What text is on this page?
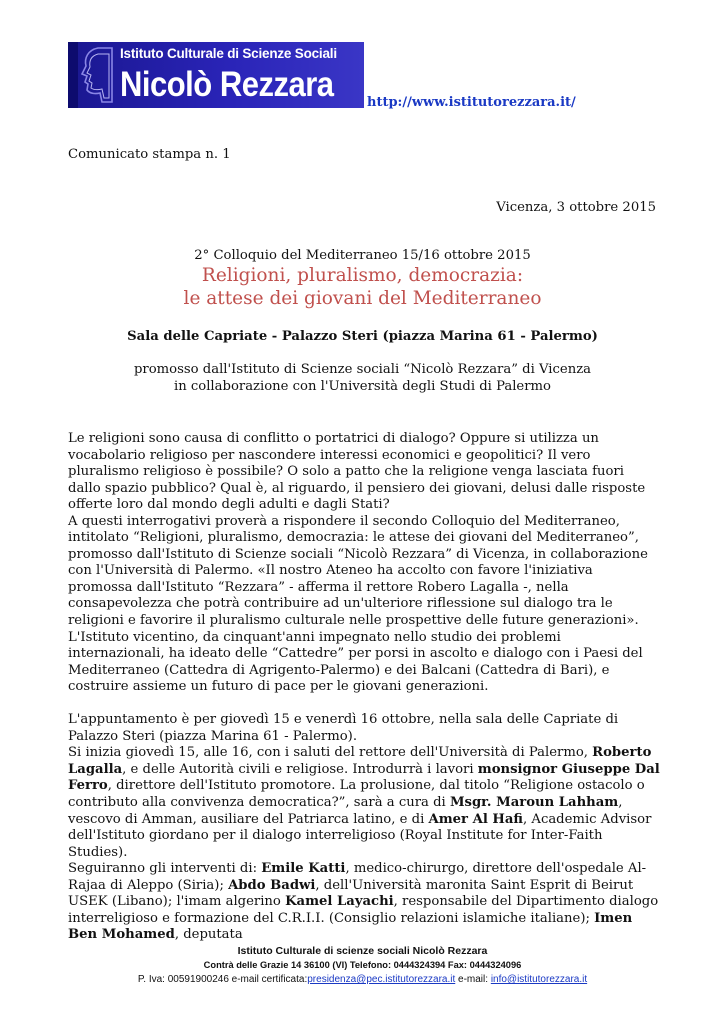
Istituto Culturale di Scienze Sociali
Nicolò Rezzara	http://www.istitutorezzara.it/
Comunicato stampa n. 1
Vicenza, 3 ottobre 2015
2° Colloquio del Mediterraneo 15/16 ottobre 2015
Religioni, pluralismo, democrazia:
le attese dei giovani del Mediterraneo
Sala delle Capriate - Palazzo Steri (piazza Marina 61 - Palermo)
promosso dall'Istituto di Scienze sociali “Nicolò Rezzara” di Vicenza
in collaborazione con l'Università degli Studi di Palermo

Le religioni sono causa di conflitto o portatrici di dialogo? Oppure si utilizza un vocabolario religioso per nascondere interessi economici e geopolitici? Il vero pluralismo religioso è possibile? O solo a patto che la religione venga lasciata fuori dallo spazio pubblico? Qual è, al riguardo, il pensiero dei giovani, delusi dalle risposte offerte loro dal mondo degli adulti e dagli Stati?

A questi interrogativi proverà a rispondere il secondo Colloquio del Mediterraneo, intitolato “Religioni, pluralismo, democrazia: le attese dei giovani del Mediterraneo”, promosso dall'Istituto di Scienze sociali “Nicolò Rezzara” di Vicenza, in collaborazione con l'Università di Palermo. «Il nostro Ateneo ha accolto con favore l'iniziativa promossa dall'Istituto “Rezzara” - afferma il rettore Robero Lagalla -, nella consapevolezza che potrà contribuire ad un'ulteriore riflessione sul dialogo tra le religioni e favorire il pluralismo culturale nelle prospettive delle future generazioni».

L'Istituto vicentino, da cinquant'anni impegnato nello studio dei problemi internazionali, ha ideato delle “Cattedre” per porsi in ascolto e dialogo con i Paesi del Mediterraneo (Cattedra di Agrigento-Palermo) e dei Balcani (Cattedra di Bari), e costruire assieme un futuro di pace per le giovani generazioni.

L'appuntamento è per giovedì 15 e venerdì 16 ottobre, nella sala delle Capriate di Palazzo Steri (piazza Marina 61 - Palermo).

Si inizia giovedì 15, alle 16, con i saluti del rettore dell'Università di Palermo, Roberto Lagalla, e delle Autorità civili e religiose. Introdurrà i lavori monsignor Giuseppe Dal Ferro, direttore dell'Istituto promotore. La prolusione, dal titolo “Religione ostacolo o contributo alla convivenza democratica?”, sarà a cura di Msgr. Maroun Lahham, vescovo di Amman, ausiliare del Patriarca latino, e di Amer Al Hafi, Academic Advisor dell'Istituto giordano per il dialogo interreligioso (Royal Institute for Inter-Faith Studies).

Seguiranno gli interventi di: Emile Katti, medico-chirurgo, direttore dell'ospedale Al-Rajaa di Aleppo (Siria); Abdo Badwi, dell'Università maronita Saint Esprit di Beirut USEK (Libano); l'imam algerino Kamel Layachi, responsabile del Dipartimento dialogo interreligioso e formazione del C.R.I.I. (Consiglio relazioni islamiche italiane); Imen Ben Mohamed, deputata

Istituto Culturale di scienze sociali Nicolò Rezzara
Contrà delle Grazie 14 36100 (VI) Telefono: 0444324394 Fax: 0444324096
P. Iva: 00591900246 e-mail certificata:presidenza@pec.istitutorezzara.it e-mail: info@istitutorezzara.it
